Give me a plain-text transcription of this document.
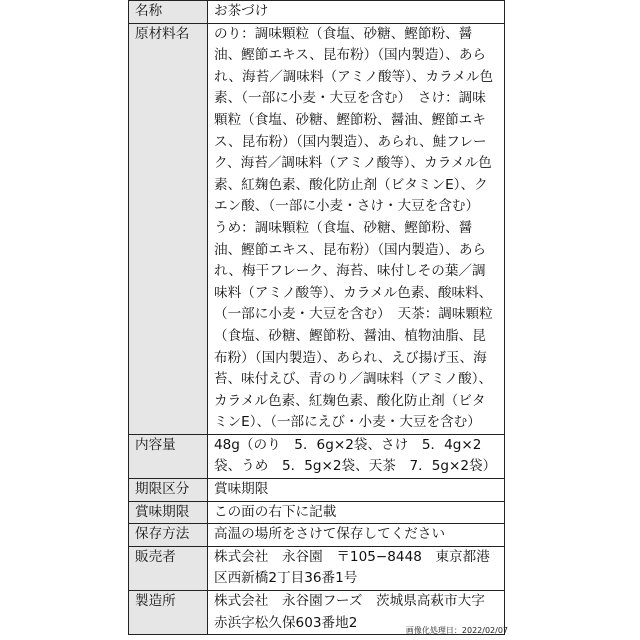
名称	お茶づけ
原材料名	のり：調味顆粒（食塩、砂糖、鰹節粉、醤油、鰹節エキス、昆布粉）（国内製造）、あられ、海苔／調味料（アミノ酸等）、カラメル色素、（一部に小麦・大豆を含む）　さけ：調味顆粒（食塩、砂糖、鰹節粉、醤油、鰹節エキス、昆布粉）（国内製造）、あられ、鮭フレーク、海苔／調味料（アミノ酸等）、カラメル色素、紅麹色素、酸化防止剤（ビタミンE）、クエン酸、（一部に小麦・さけ・大豆を含む）　うめ：調味顆粒（食塩、砂糖、鰹節粉、醤油、鰹節エキス、昆布粉）（国内製造）、あられ、梅干フレーク、海苔、味付しその葉／調味料（アミノ酸等）、カラメル色素、酸味料、（一部に小麦・大豆を含む）　天茶：調味顆粒（食塩、砂糖、鰹節粉、醤油、植物油脂、昆布粉）（国内製造）、あられ、えび揚げ玉、海苔、味付えび、青のり／調味料（アミノ酸）、カラメル色素、紅麹色素、酸化防止剤（ビタミンE）、（一部にえび・小麦・大豆を含む）
内容量	48g（のり　5．6g×2袋、さけ　5．4g×2袋、うめ　5．5g×2袋、天茶　7．5g×2袋）
期限区分	賞味期限
賞味期限	この面の右下に記載
保存方法	高温の場所をさけて保存してください
販売者	株式会社　永谷園　〒105−8448　東京都港区西新橋2丁目36番1号
製造所	株式会社　永谷園フーズ　茨城県高萩市大字赤浜字松久保603番地2	画像化処理日：2022/02/07
